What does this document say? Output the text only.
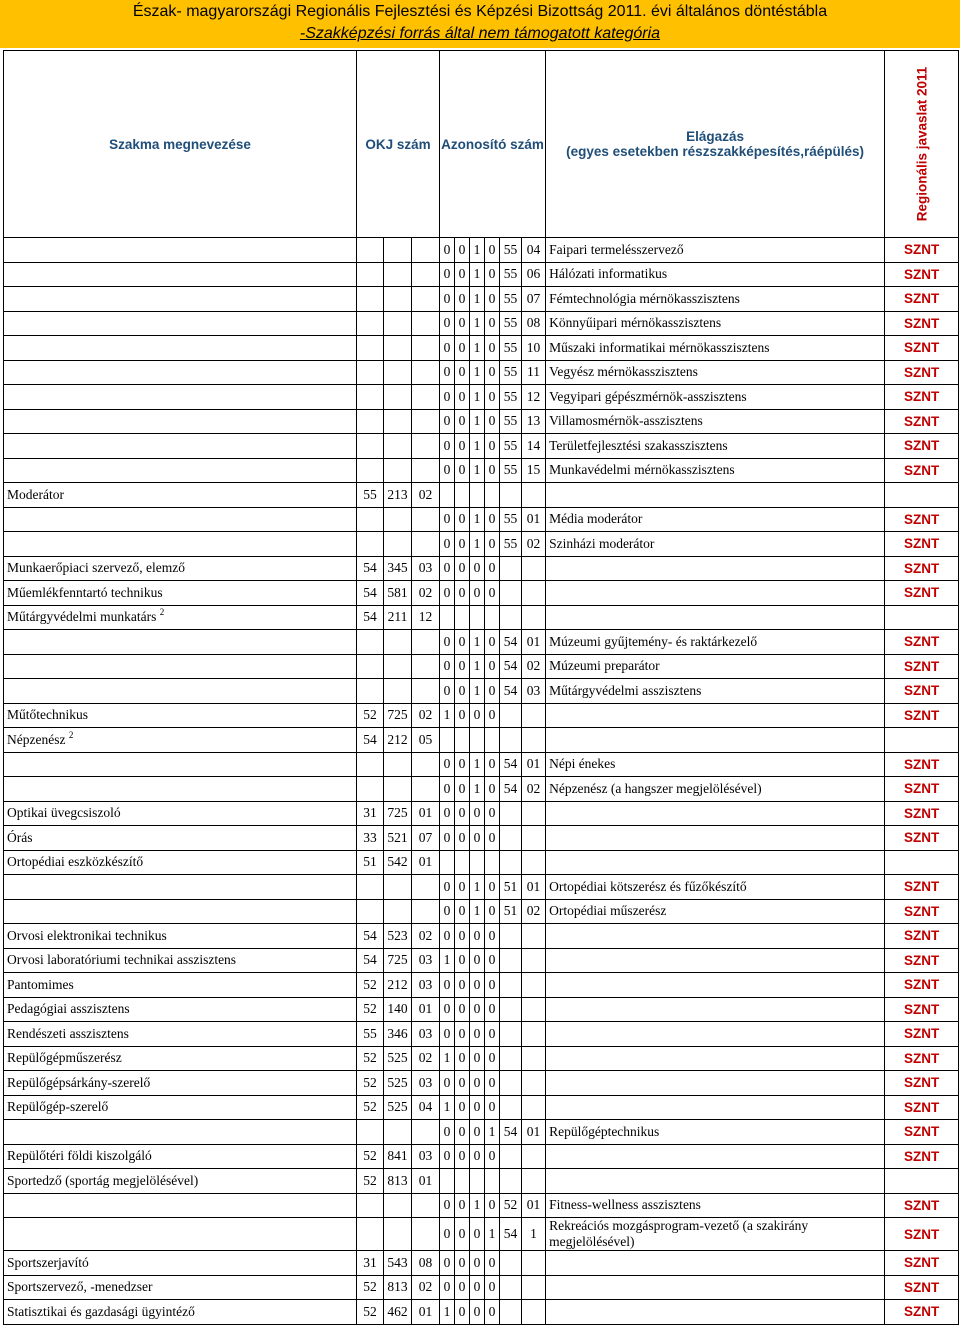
Észak- magyarországi Regionális Fejlesztési és Képzési Bizottság 2011. évi általános döntéstábla
-Szakképzési forrás által nem támogatott kategória
Szakma megnevezése	OKJ szám			Azonosító szám						Elágazás
(egyes esetekben részszakképesítés,ráépülés)	Regionális javaslat 2011

				0	0	1	0	55	04	Faipari termelésszervező	SZNT
				0	0	1	0	55	06	Hálózati informatikus	SZNT
				0	0	1	0	55	07	Fémtechnológia mérnökasszisztens	SZNT
				0	0	1	0	55	08	Könnyűipari mérnökasszisztens	SZNT
				0	0	1	0	55	10	Műszaki informatikai mérnökasszisztens	SZNT
				0	0	1	0	55	11	Vegyész mérnökasszisztens	SZNT
				0	0	1	0	55	12	Vegyipari gépészmérnök-asszisztens	SZNT
				0	0	1	0	55	13	Villamosmérnök-asszisztens	SZNT
				0	0	1	0	55	14	Területfejlesztési szakasszisztens	SZNT
				0	0	1	0	55	15	Munkavédelmi mérnökasszisztens	SZNT
Moderátor	55	213	02								
				0	0	1	0	55	01	Média moderátor	SZNT
				0	0	1	0	55	02	Szinházi moderátor	SZNT
Munkaerőpiaci szervező, elemző	54	345	03	0	0	0	0				SZNT
Műemlékfenntartó technikus	54	581	02	0	0	0	0				SZNT
Műtárgyvédelmi munkatárs $^2$	54	211	12								
				0	0	1	0	54	01	Múzeumi gyűjtemény- és raktárkezelő	SZNT
				0	0	1	0	54	02	Múzeumi preparátor	SZNT
				0	0	1	0	54	03	Műtárgyvédelmi asszisztens	SZNT
Műtőtechnikus	52	725	02	1	0	0	0				SZNT
Népzenész $^2$	54	212	05								
				0	0	1	0	54	01	Népi énekes	SZNT
				0	0	1	0	54	02	Népzenész (a hangszer megjelölésével)	SZNT
Optikai üvegcsiszoló	31	725	01	0	0	0	0				SZNT
Órás	33	521	07	0	0	0	0				SZNT
Ortopédiai eszközkészítő	51	542	01								
				0	0	1	0	51	01	Ortopédiai kötszerész és fűzőkészítő	SZNT
				0	0	1	0	51	02	Ortopédiai műszerész	SZNT
Orvosi elektronikai technikus	54	523	02	0	0	0	0				SZNT
Orvosi laboratóriumi technikai asszisztens	54	725	03	1	0	0	0				SZNT
Pantomimes	52	212	03	0	0	0	0				SZNT
Pedagógiai asszisztens	52	140	01	0	0	0	0				SZNT
Rendészeti asszisztens	55	346	03	0	0	0	0				SZNT
Repülőgépműszerész	52	525	02	1	0	0	0				SZNT
Repülőgépsárkány-szerelő	52	525	03	0	0	0	0				SZNT
Repülőgép-szerelő	52	525	04	1	0	0	0				SZNT
				0	0	0	1	54	01	Repülőgéptechnikus	SZNT
Repülőtéri földi kiszolgáló	52	841	03	0	0	0	0				SZNT
Sportedző (sportág megjelölésével)	52	813	01								
				0	0	1	0	52	01	Fitness-wellness asszisztens	SZNT
				0	0	0	1	54	1	Rekreációs mozgásprogram-vezető (a szakirány megjelölésével)	SZNT
Sportszerjavító	31	543	08	0	0	0	0				SZNT
Sportszervező, -menedzser	52	813	02	0	0	0	0				SZNT
Statisztikai és gazdasági ügyintéző	52	462	01	1	0	0	0				SZNT
